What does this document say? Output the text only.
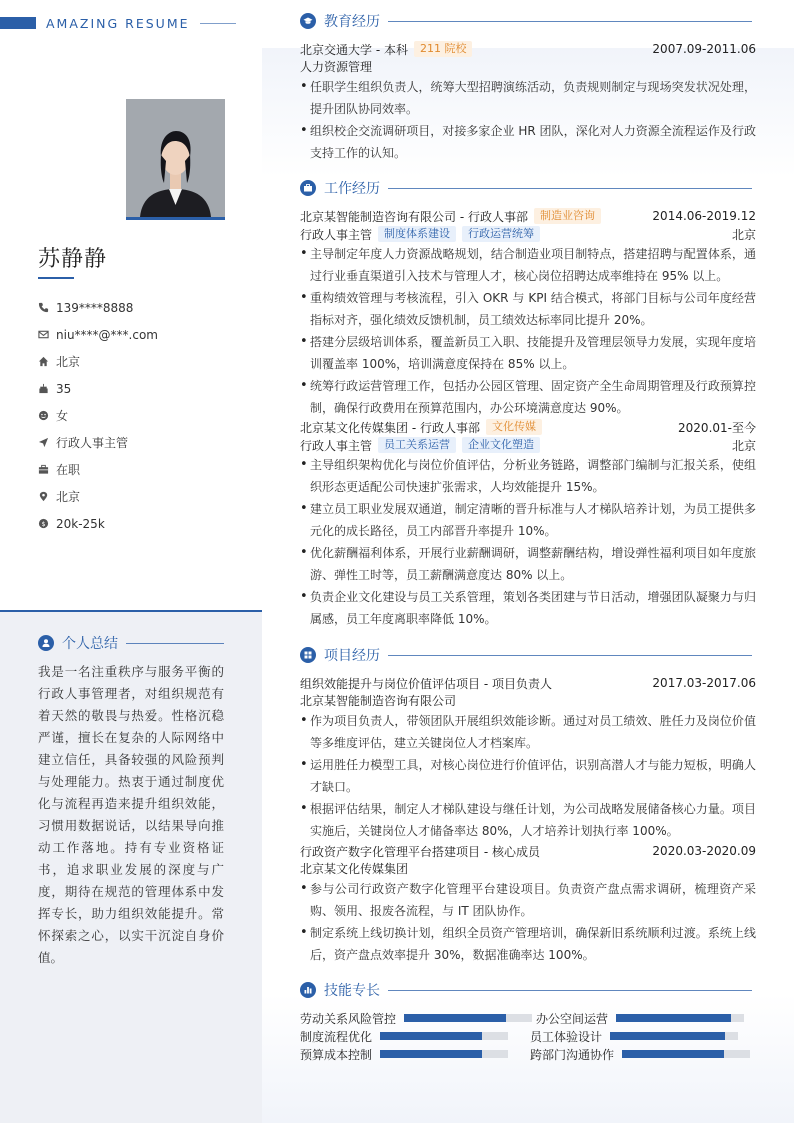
AMAZING RESUME
苏静静
139****8888
niu****@***.com
北京
35
女
行政人事主管
在职
北京
$ 20k-25k
个人总结
我是一名注重秩序与服务平衡的行政人事管理者，对组织规范有着天然的敬畏与热爱。性格沉稳严谨，擅长在复杂的人际网络中建立信任，具备较强的风险预判与处理能力。热衷于通过制度优化与流程再造来提升组织效能，习惯用数据说话，以结果导向推动工作落地。持有专业资格证书，追求职业发展的深度与广度，期待在规范的管理体系中发挥专长，助力组织效能提升。常怀探索之心，以实干沉淀自身价值。
教育经历
北京交通大学 - 本科	211 院校	2007.09-2011.06
人力资源管理
• 任职学生组织负责人，统筹大型招聘演练活动，负责规则制定与现场突发状况处理，提升团队协同效率。
• 组织校企交流调研项目，对接多家企业 HR 团队，深化对人力资源全流程运作及行政支持工作的认知。
工作经历
北京某智能制造咨询有限公司 - 行政人事部	制造业咨询	2014.06-2019.12
行政人事主管	制度体系建设	行政运营统筹	北京
• 主导制定年度人力资源战略规划，结合制造业项目制特点，搭建招聘与配置体系，通过行业垂直渠道引入技术与管理人才，核心岗位招聘达成率维持在 95% 以上。
• 重构绩效管理与考核流程，引入 OKR 与 KPI 结合模式，将部门目标与公司年度经营指标对齐，强化绩效反馈机制，员工绩效达标率同比提升 20%。
• 搭建分层级培训体系，覆盖新员工入职、技能提升及管理层领导力发展，实现年度培训覆盖率 100%，培训满意度保持在 85% 以上。
• 统筹行政运营管理工作，包括办公园区管理、固定资产全生命周期管理及行政预算控制，确保行政费用在预算范围内，办公环境满意度达 90%。
北京某文化传媒集团 - 行政人事部	文化传媒	2020.01-至今
行政人事主管	员工关系运营	企业文化塑造	北京
• 主导组织架构优化与岗位价值评估，分析业务链路，调整部门编制与汇报关系，使组织形态更适配公司快速扩张需求，人均效能提升 15%。
• 建立员工职业发展双通道，制定清晰的晋升标准与人才梯队培养计划，为员工提供多元化的成长路径，员工内部晋升率提升 10%。
• 优化薪酬福利体系，开展行业薪酬调研，调整薪酬结构，增设弹性福利项目如年度旅游、弹性工时等，员工薪酬满意度达 80% 以上。
• 负责企业文化建设与员工关系管理，策划各类团建与节日活动，增强团队凝聚力与归属感，员工年度离职率降低 10%。
项目经历
组织效能提升与岗位价值评估项目 - 项目负责人	2017.03-2017.06
北京某智能制造咨询有限公司
• 作为项目负责人，带领团队开展组织效能诊断。通过对员工绩效、胜任力及岗位价值等多维度评估，建立关键岗位人才档案库。
• 运用胜任力模型工具，对核心岗位进行价值评估，识别高潜人才与能力短板，明确人才缺口。
• 根据评估结果，制定人才梯队建设与继任计划，为公司战略发展储备核心力量。项目实施后，关键岗位人才储备率达 80%，人才培养计划执行率 100%。
行政资产数字化管理平台搭建项目 - 核心成员	2020.03-2020.09
北京某文化传媒集团
• 参与公司行政资产数字化管理平台建设项目。负责资产盘点需求调研，梳理资产采购、领用、报废各流程，与 IT 团队协作。
• 制定系统上线切换计划，组织全员资产管理培训，确保新旧系统顺利过渡。系统上线后，资产盘点效率提升 30%，数据准确率达 100%。
技能专长
劳动关系风险管控	办公空间运营
制度流程优化	员工体验设计
预算成本控制	跨部门沟通协作
